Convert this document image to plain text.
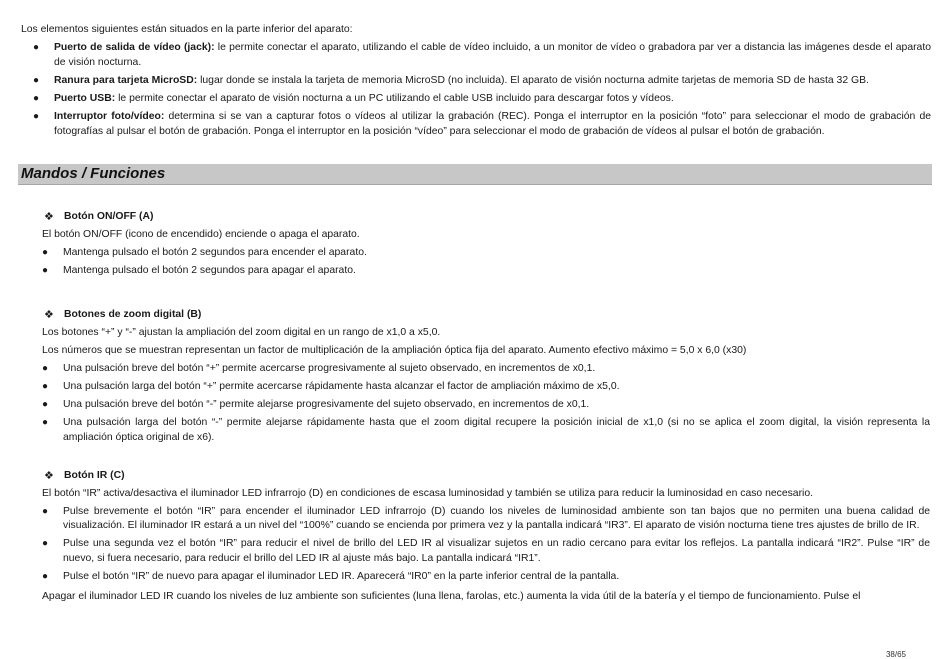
Los elementos siguientes están situados en la parte inferior del aparato:

● Puerto de salida de vídeo (jack): le permite conectar el aparato, utilizando el cable de vídeo incluido, a un monitor de vídeo o grabadora par ver a distancia las imágenes desde el aparato de visión nocturna.
● Ranura para tarjeta MicroSD: lugar donde se instala la tarjeta de memoria MicroSD (no incluida). El aparato de visión nocturna admite tarjetas de memoria SD de hasta 32 GB.
● Puerto USB: le permite conectar el aparato de visión nocturna a un PC utilizando el cable USB incluido para descargar fotos y vídeos.
● Interruptor foto/vídeo: determina si se van a capturar fotos o vídeos al utilizar la grabación (REC). Ponga el interruptor en la posición “foto” para seleccionar el modo de grabación de fotografías al pulsar el botón de grabación. Ponga el interruptor en la posición “vídeo” para seleccionar el modo de grabación de vídeos al pulsar el botón de grabación.
Mandos / Funciones
❖ Botón ON/OFF (A)

El botón ON/OFF (icono de encendido) enciende o apaga el aparato.

● Mantenga pulsado el botón 2 segundos para encender el aparato.
● Mantenga pulsado el botón 2 segundos para apagar el aparato.
❖ Botones de zoom digital (B)

Los botones “+” y “-” ajustan la ampliación del zoom digital en un rango de x1,0 a x5,0.

Los números que se muestran representan un factor de multiplicación de la ampliación óptica fija del aparato. Aumento efectivo máximo = 5,0 x 6,0 (x30)

● Una pulsación breve del botón “+” permite acercarse progresivamente al sujeto observado, en incrementos de x0,1.
● Una pulsación larga del botón “+” permite acercarse rápidamente hasta alcanzar el factor de ampliación máximo de x5,0.
● Una pulsación breve del botón “-” permite alejarse progresivamente del sujeto observado, en incrementos de x0,1.
● Una pulsación larga del botón “-” permite alejarse rápidamente hasta que el zoom digital recupere la posición inicial de x1,0 (si no se aplica el zoom digital, la visión representa la ampliación óptica original de x6).
❖ Botón IR (C)

El botón “IR” activa/desactiva el iluminador LED infrarrojo (D) en condiciones de escasa luminosidad y también se utiliza para reducir la luminosidad en caso necesario.

● Pulse brevemente el botón “IR” para encender el iluminador LED infrarrojo (D) cuando los niveles de luminosidad ambiente son tan bajos que no permiten una buena calidad de visualización. El iluminador IR estará a un nivel del “100%” cuando se encienda por primera vez y la pantalla indicará “IR3”. El aparato de visión nocturna tiene tres ajustes de brillo de IR.
● Pulse una segunda vez el botón “IR” para reducir el nivel de brillo del LED IR al visualizar sujetos en un radio cercano para evitar los reflejos. La pantalla indicará “IR2”. Pulse “IR” de nuevo, si fuera necesario, para reducir el brillo del LED IR al ajuste más bajo. La pantalla indicará “IR1”.
● Pulse el botón “IR” de nuevo para apagar el iluminador LED IR. Aparecerá “IR0” en la parte inferior central de la pantalla.

Apagar el iluminador LED IR cuando los niveles de luz ambiente son suficientes (luna llena, farolas, etc.) aumenta la vida útil de la batería y el tiempo de funcionamiento. Pulse el

38/65
